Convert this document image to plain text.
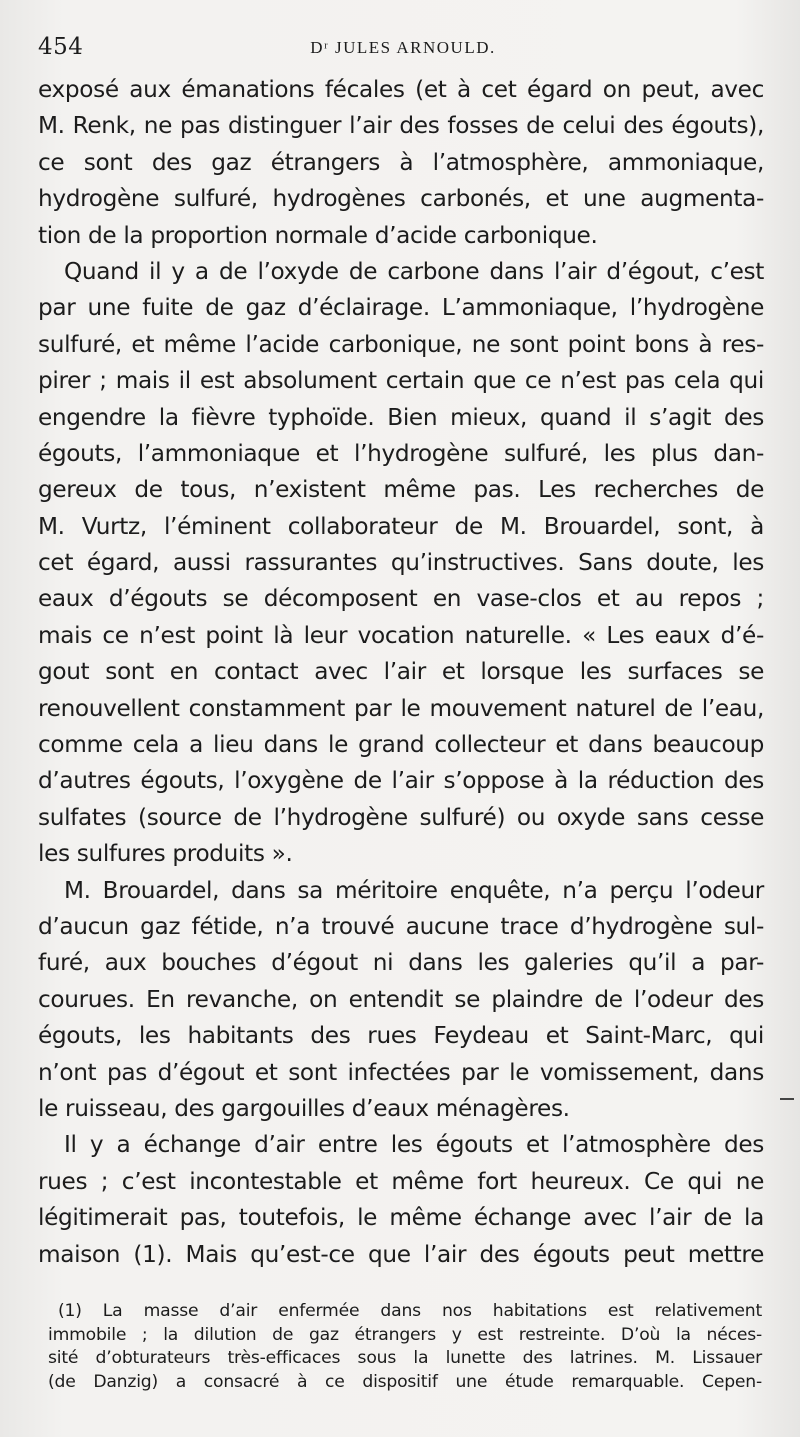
454	Dʳ JULES ARNOULD.
exposé aux émanations fécales (et à cet égard on peut, avec
M. Renk, ne pas distinguer l’air des fosses de celui des égouts),
ce sont des gaz étrangers à l’atmosphère, ammoniaque,
hydrogène sulfuré, hydrogènes carbonés, et une augmenta-
tion de la proportion normale d’acide carbonique.
Quand il y a de l’oxyde de carbone dans l’air d’égout, c’est
par une fuite de gaz d’éclairage. L’ammoniaque, l’hydrogène
sulfuré, et même l’acide carbonique, ne sont point bons à res-
pirer ; mais il est absolument certain que ce n’est pas cela qui
engendre la fièvre typhoïde. Bien mieux, quand il s’agit des
égouts, l’ammoniaque et l’hydrogène sulfuré, les plus dan-
gereux de tous, n’existent même pas. Les recherches de
M. Vurtz, l’éminent collaborateur de M. Brouardel, sont, à
cet égard, aussi rassurantes qu’instructives. Sans doute, les
eaux d’égouts se décomposent en vase-clos et au repos ;
mais ce n’est point là leur vocation naturelle. « Les eaux d’é-
gout sont en contact avec l’air et lorsque les surfaces se
renouvellent constamment par le mouvement naturel de l’eau,
comme cela a lieu dans le grand collecteur et dans beaucoup
d’autres égouts, l’oxygène de l’air s’oppose à la réduction des
sulfates (source de l’hydrogène sulfuré) ou oxyde sans cesse
les sulfures produits ».
M. Brouardel, dans sa méritoire enquête, n’a perçu l’odeur
d’aucun gaz fétide, n’a trouvé aucune trace d’hydrogène sul-
furé, aux bouches d’égout ni dans les galeries qu’il a par-
courues. En revanche, on entendit se plaindre de l’odeur des
égouts, les habitants des rues Feydeau et Saint-Marc, qui
n’ont pas d’égout et sont infectées par le vomissement, dans
le ruisseau, des gargouilles d’eaux ménagères.
Il y a échange d’air entre les égouts et l’atmosphère des
rues ; c’est incontestable et même fort heureux. Ce qui ne
légitimerait pas, toutefois, le même échange avec l’air de la
maison (1). Mais qu’est-ce que l’air des égouts peut mettre
(1) La masse d’air enfermée dans nos habitations est relativement
immobile ; la dilution de gaz étrangers y est restreinte. D’où la néces-
sité d’obturateurs très-efficaces sous la lunette des latrines. M. Lissauer
(de Danzig) a consacré à ce dispositif une étude remarquable. Cepen-
